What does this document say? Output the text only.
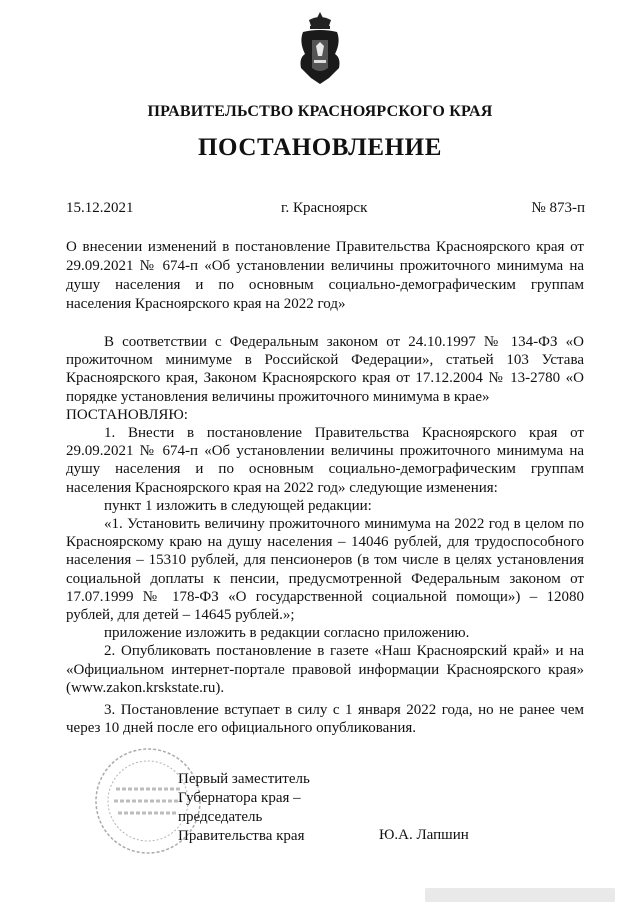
ПРАВИТЕЛЬСТВО КРАСНОЯРСКОГО КРАЯ
ПОСТАНОВЛЕНИЕ
15.12.2021	г. Красноярск	№ 873-п
О внесении изменений в постановление Правительства Красноярского края от 29.09.2021 № 674-п «Об установлении величины прожиточного минимума на душу населения и по основным социально-демографическим группам населения Красноярского края на 2022 год»

В соответствии с Федеральным законом от 24.10.1997 № 134-ФЗ «О прожиточном минимуме в Российской Федерации», статьей 103 Устава Красноярского края, Законом Красноярского края от 17.12.2004 № 13-2780 «О порядке установления величины прожиточного минимума в крае»

ПОСТАНОВЛЯЮ:

1. Внести в постановление Правительства Красноярского края от 29.09.2021 № 674-п «Об установлении величины прожиточного минимума на душу населения и по основным социально-демографическим группам населения Красноярского края на 2022 год» следующие изменения:

пункт 1 изложить в следующей редакции:

«1. Установить величину прожиточного минимума на 2022 год в целом по Красноярскому краю на душу населения – 14046 рублей, для трудоспособного населения – 15310 рублей, для пенсионеров (в том числе в целях установления социальной доплаты к пенсии, предусмотренной Федеральным законом от 17.07.1999 № 178-ФЗ «О государственной социальной помощи») – 12080 рублей, для детей – 14645 рублей.»;

приложение изложить в редакции согласно приложению.

2. Опубликовать постановление в газете «Наш Красноярский край» и на «Официальном интернет-портале правовой информации Красноярского края» (www.zakon.krskstate.ru).

3. Постановление вступает в силу с 1 января 2022 года, но не ранее чем через 10 дней после его официального опубликования.

Первый заместитель
Губернатора края –
председатель
Правительства края	Ю.А. Лапшин
